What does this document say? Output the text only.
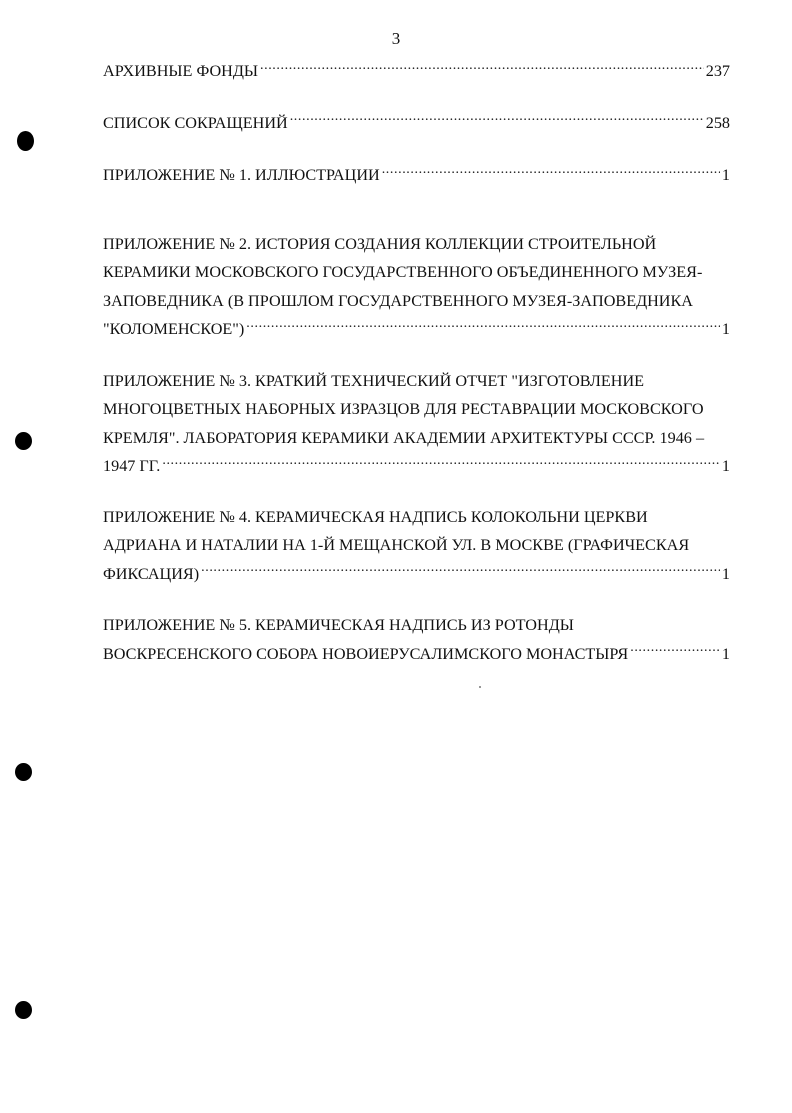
3
АРХИВНЫЕ ФОНДЫ .....	237
СПИСОК СОКРАЩЕНИЙ .....	258
ПРИЛОЖЕНИЕ № 1. ИЛЛЮСТРАЦИИ .....	1
ПРИЛОЖЕНИЕ № 2. ИСТОРИЯ СОЗДАНИЯ КОЛЛЕКЦИИ СТРОИТЕЛЬНОЙ
КЕРАМИКИ МОСКОВСКОГО ГОСУДАРСТВЕННОГО ОБЪЕДИНЕННОГО МУЗЕЯ-
ЗАПОВЕДНИКА (В ПРОШЛОМ ГОСУДАРСТВЕННОГО МУЗЕЯ-ЗАПОВЕДНИКА
"КОЛОМЕНСКОЕ") .....	1
ПРИЛОЖЕНИЕ № 3. КРАТКИЙ ТЕХНИЧЕСКИЙ ОТЧЕТ "ИЗГОТОВЛЕНИЕ
МНОГОЦВЕТНЫХ НАБОРНЫХ ИЗРАЗЦОВ ДЛЯ РЕСТАВРАЦИИ МОСКОВСКОГО
КРЕМЛЯ". ЛАБОРАТОРИЯ КЕРАМИКИ АКАДЕМИИ АРХИТЕКТУРЫ СССР. 1946 –
1947 ГГ. .....	1
ПРИЛОЖЕНИЕ № 4. КЕРАМИЧЕСКАЯ НАДПИСЬ КОЛОКОЛЬНИ ЦЕРКВИ
АДРИАНА И НАТАЛИИ НА 1-Й МЕЩАНСКОЙ УЛ. В МОСКВЕ (ГРАФИЧЕСКАЯ
ФИКСАЦИЯ) .....	1
ПРИЛОЖЕНИЕ № 5. КЕРАМИЧЕСКАЯ НАДПИСЬ ИЗ РОТОНДЫ
ВОСКРЕСЕНСКОГО СОБОРА НОВОИЕРУСАЛИМСКОГО МОНАСТЫРЯ .....	1
